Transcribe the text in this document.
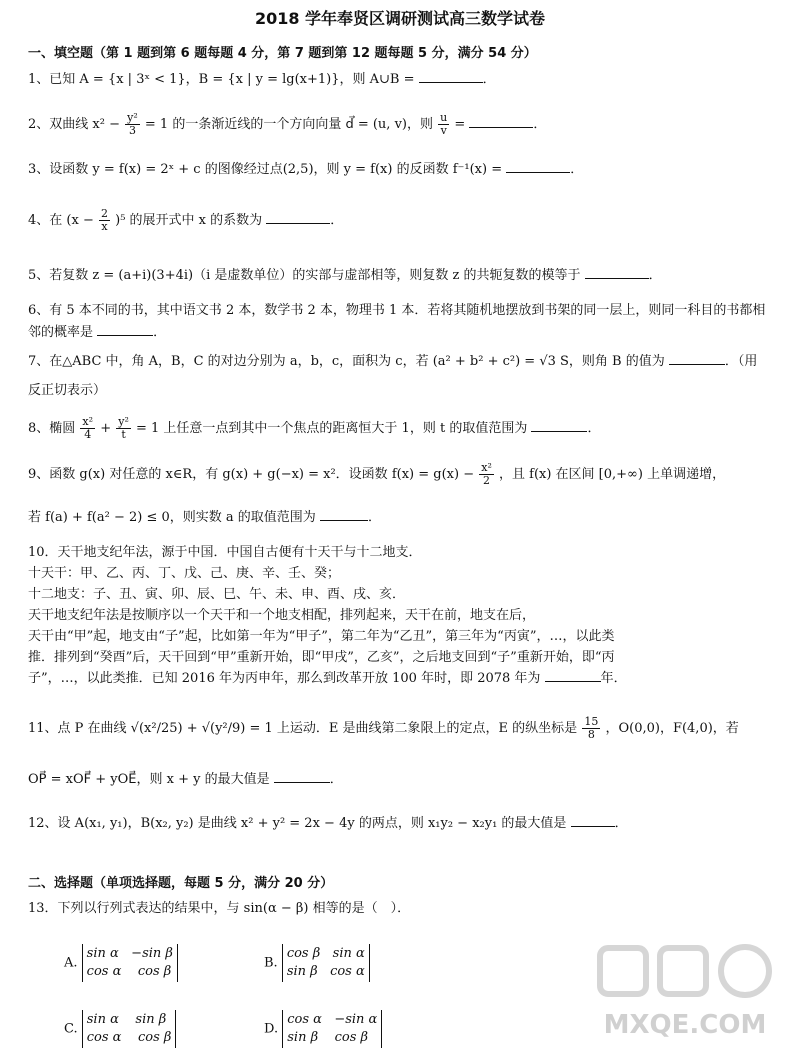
2018 学年奉贤区调研测试高三数学试卷
一、填空题（第 1 题到第 6 题每题 4 分，第 7 题到第 12 题每题 5 分，满分 54 分）
1、已知 A = {x | 3ˣ < 1}，B = {x | y = lg(x+1)}，则 A∪B =	．
2、双曲线 $x^2 - \frac{\text{y²}}{3} = 1$ 的一条渐近线的一个方向向量 d⃗ = (u, v)，则 $\frac{u}{v}$ =	．
3、设函数 y = f(x) = 2ˣ + c 的图像经过点(2,5)，则 y = f(x) 的反函数 f⁻¹(x) =	．
4、在 $(x - \frac{2}{x} )^5$ 的展开式中 x 的系数为	．
5、若复数 z = (a+i)(3+4i)（i 是虚数单位）的实部与虚部相等，则复数 z 的共轭复数的模等于	．
6、有 5 本不同的书，其中语文书 2 本，数学书 2 本，物理书 1 本．若将其随机地摆放到书架的同一层上，则同一科目的书都相邻的概率是	．
7、在△ABC 中，角 A，B，C 的对边分别为 a，b，c，面积为 c，若 (a² + b² + c²) = √3 S，则角 B 的值为	．（用
反正切表示）
8、椭圆 $\frac{\text{x²}}{4} + \frac{\text{y²}}{t} = 1$ 上任意一点到其中一个焦点的距离恒大于 1，则 t 的取值范围为	．
9、函数 g(x) 对任意的 x∈R，有 g(x) + g(−x) = x²．设函数 $f(x) = g(x) - \frac{\text{x²}}{2}$ ，且 f(x) 在区间 [0,+∞) 上单调递增，
若 f(a) + f(a² − 2) ≤ 0，则实数 a 的取值范围为	．
10．天干地支纪年法，源于中国．中国自古便有十天干与十二地支．
十天干：甲、乙、丙、丁、戊、己、庚、辛、壬、癸；
十二地支：子、丑、寅、卯、辰、巳、午、未、申、酉、戌、亥．
天干地支纪年法是按顺序以一个天干和一个地支相配，排列起来，天干在前，地支在后，
天干由“甲”起，地支由“子”起，比如第一年为“甲子”，第二年为“乙丑”，第三年为“丙寅”，…，以此类
推．排列到“癸酉”后，天干回到“甲”重新开始，即“甲戌”，乙亥”，之后地支回到“子”重新开始，即“丙
子”，…，以此类推．已知 2016 年为丙申年，那么到改革开放 100 年时，即 2078 年为	年．
11、点 P 在曲线 √(x²/25) + √(y²/9) = 1 上运动．E 是曲线第二象限上的定点，E 的纵坐标是 $\frac{15}{8}$ ，O(0,0)，F(4,0)，若
OP⃗ = xOF⃗ + yOE⃗，则 x + y 的最大值是	．
12、设 A(x₁, y₁)，B(x₂, y₂) 是曲线 x² + y² = 2x − 4y 的两点，则 x₁y₂ − x₂y₁ 的最大值是	．
二、选择题（单项选择题，每题 5 分，满分 20 分）
13．下列以行列式表达的结果中，与 sin(α − β) 相等的是（　）．
A.
sin α   −sin β
cos α    cos β
B.
cos β   sin α
sin β   cos α
C.
sin α    sin β
cos α    cos β
D.
cos α   −sin α
sin β    cos β	MXQE.COM
